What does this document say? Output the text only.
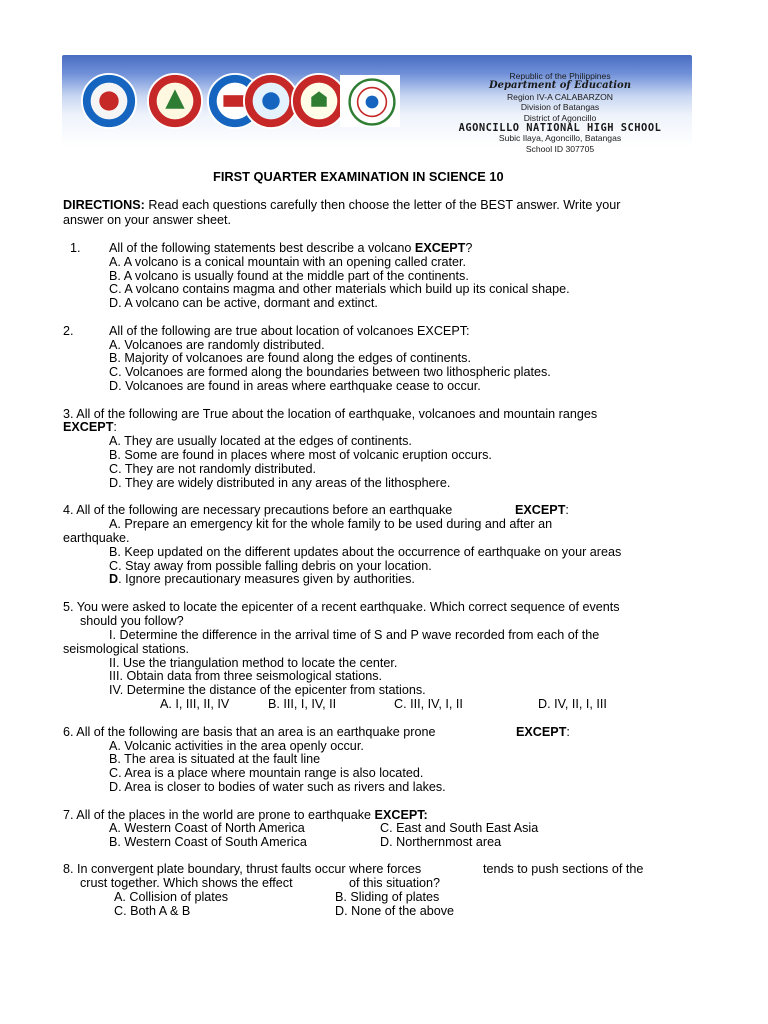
Republic of the Philippines
Department of Education
Region IV-A CALABARZON
Division of Batangas
District of Agoncillo
AGONCILLO NATIONAL HIGH SCHOOL
Subic Ilaya, Agoncillo, Batangas
School ID 307705
FIRST QUARTER EXAMINATION IN SCIENCE 10
DIRECTIONS: Read each questions carefully then choose the letter of the BEST answer. Write your
answer on your answer sheet.
1. All of the following statements best describe a volcano EXCEPT?
A. A volcano is a conical mountain with an opening called crater.
B. A volcano is usually found at the middle part of the continents.
C. A volcano contains magma and other materials which build up its conical shape.
D. A volcano can be active, dormant and extinct.
2.	All of the following are true about location of volcanoes EXCEPT:
A. Volcanoes are randomly distributed.
B. Majority of volcanoes are found along the edges of continents.
C. Volcanoes are formed along the boundaries between two lithospheric plates.
D. Volcanoes are found in areas where earthquake cease to occur.
3. All of the following are True about the location of earthquake, volcanoes and mountain ranges
EXCEPT:
A. They are usually located at the edges of continents.
B. Some are found in places where most of volcanic eruption occurs.
C. They are not randomly distributed.
D. They are widely distributed in any areas of the lithosphere.
4. All of the following are necessary precautions before an earthquake	EXCEPT:
A. Prepare an emergency kit for the whole family to be used during and after an
earthquake.
B. Keep updated on the different updates about the occurrence of earthquake on your areas
C. Stay away from possible falling debris on your location.
D. Ignore precautionary measures given by authorities.
5. You were asked to locate the epicenter of a recent earthquake. Which correct sequence of events
should you follow?
I. Determine the difference in the arrival time of S and P wave recorded from each of the
seismological stations.
II. Use the triangulation method to locate the center.
III. Obtain data from three seismological stations.
IV. Determine the distance of the epicenter from stations.
A. I, III, II, IV	B. III, I, IV, II	C. III, IV, I, II	D. IV, II, I, III
6. All of the following are basis that an area is an earthquake prone	EXCEPT:
A. Volcanic activities in the area openly occur.
B. The area is situated at the fault line
C. Area is a place where mountain range is also located.
D. Area is closer to bodies of water such as rivers and lakes.
7. All of the places in the world are prone to earthquake EXCEPT:
A. Western Coast of North America	C. East and South East Asia
B. Western Coast of South America	D. Northernmost area
8. In convergent plate boundary, thrust faults occur where forces	tends to push sections of the
crust together. Which shows the effect	of this situation?
A. Collision of plates	B. Sliding of plates
C. Both A & B	D. None of the above
